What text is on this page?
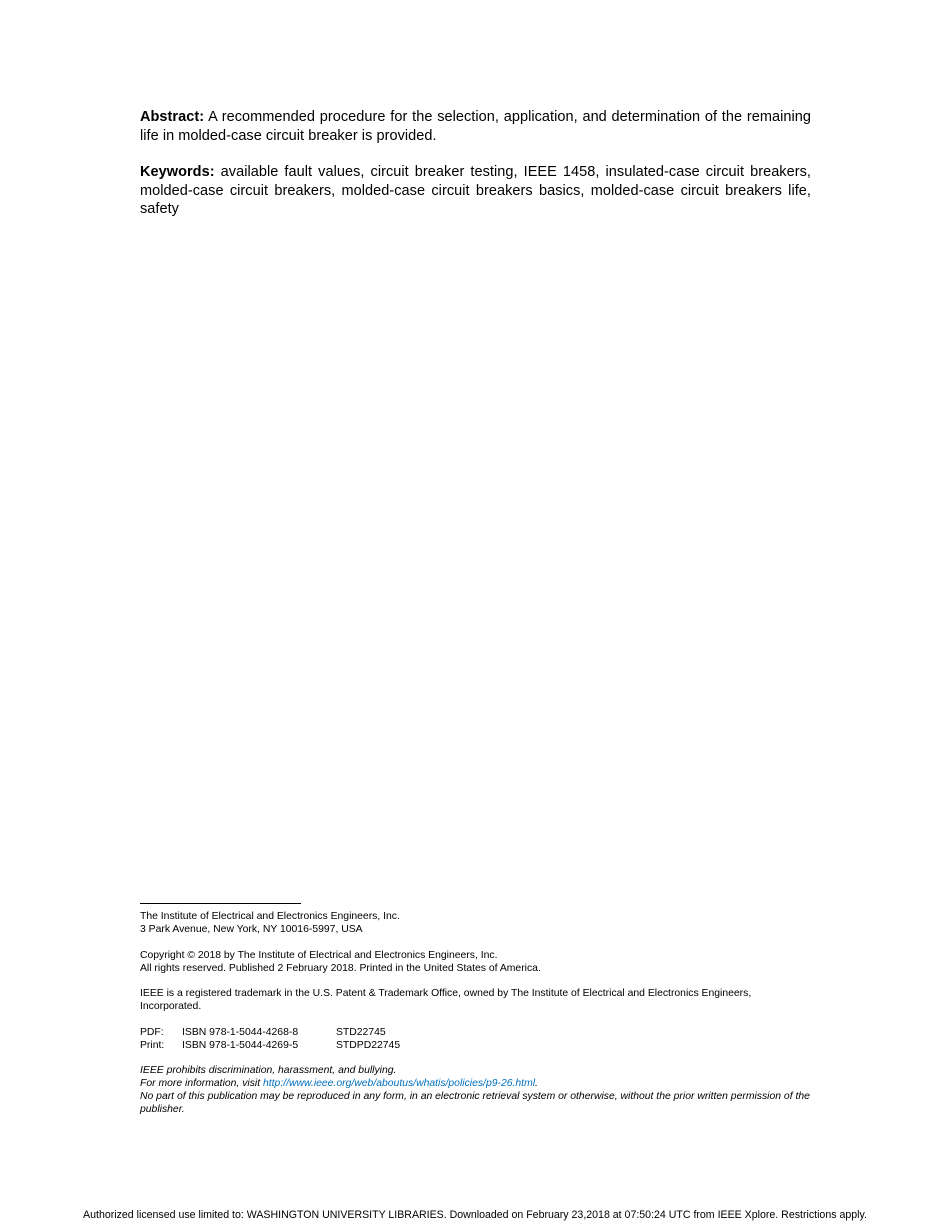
Abstract: A recommended procedure for the selection, application, and determination of the remaining life in molded-case circuit breaker is provided.

Keywords: available fault values, circuit breaker testing, IEEE 1458, insulated-case circuit breakers, molded-case circuit breakers, molded-case circuit breakers basics, molded-case circuit breakers life, safety

The Institute of Electrical and Electronics Engineers, Inc.
3 Park Avenue, New York, NY 10016-5997, USA
Copyright © 2018 by The Institute of Electrical and Electronics Engineers, Inc.
All rights reserved. Published 2 February 2018. Printed in the United States of America.
IEEE is a registered trademark in the U.S. Patent & Trademark Office, owned by The Institute of Electrical and Electronics Engineers, Incorporated.
PDF:	ISBN 978-1-5044-4268-8	STD22745
Print:	ISBN 978-1-5044-4269-5	STDPD22745
IEEE prohibits discrimination, harassment, and bullying.
For more information, visit http://www.ieee.org/web/aboutus/whatis/policies/p9-26.html.
No part of this publication may be reproduced in any form, in an electronic retrieval system or otherwise, without the prior written permission of the publisher.
Authorized licensed use limited to: WASHINGTON UNIVERSITY LIBRARIES. Downloaded on February 23,2018 at 07:50:24 UTC from IEEE Xplore. Restrictions apply.
